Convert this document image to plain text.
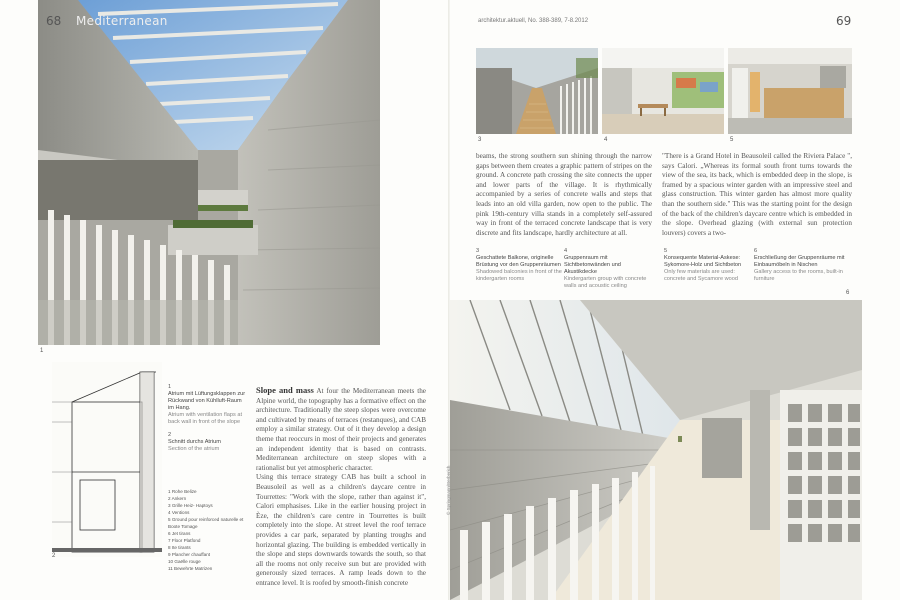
68 Mediterranean
1
2
1 Rohe Belize
2 Ankern
3 Grille Heiz- Haptoys
4 Ventions
5 Ground pour reinforced naturelle et Boote Tomage
6 Jet tirans
7 Floor Platfond
8 Ite tirants
9 Plancher chauffant
10 Gaëlle rouge
11 Bewehrte Matrizen
1
Atrium mit Lüftungsklappen zur Rückwand von Kühlluft-Raum im Hang.
Atrium with ventilation flaps at back wall in front of the slope
2
Schnitt durchs Atrium
Section of the atrium
Slope and mass At four the Mediterranean meets the Alpine world, the topography has a formative effect on the architecture. Traditionally the steep slopes were overcome and cultivated by means of terraces (restanques), and CAB employ a similar strategy. Out of it they develop a design theme that reoccurs in most of their projects and generates an independent identity that is based on contrasts. Mediterranean architecture on steep slopes with a rationalist but yet atmospheric character.
Using this terrace strategy CAB has built a school in Beausoleil as well as a children's daycare centre in Tourrettes: "Work with the slope, rather than against it", Calori emphasises. Like in the earlier housing project in Èze, the children's care centre in Tourrettes is built completely into the slope. At street level the roof terrace provides a car park, separated by planting troughs and horizontal glazing. The building is embedded vertically in the slope and steps downwards towards the south, so that all the rooms not only receive sun but are provided with generously sized terraces. A ramp leads down to the entrance level. It is roofed by smooth-finish concrete
architektur.aktuell, No. 388-389, 7-8.2012	69
3	4	5
beams, the strong southern sun shining through the narrow gaps between them creates a graphic pattern of stripes on the ground. A concrete path crossing the site connects the upper and lower parts of the village. It is rhythmically accompanied by a series of concrete walls and steps that leads into an old villa garden, now open to the public. The pink 19th-century villa stands in a completely self-assured way in front of the terraced concrete landscape that is very discrete and fits landscape, hardly architecture at all.
"There is a Grand Hotel in Beausoleil called the Riviera Palace ", says Calori. „Whereas its formal south front turns towards the view of the sea, its back, which is embedded deep in the slope, is framed by a spacious winter garden with an impressive steel and glass construction. This winter garden has almost more quality than the southern side." This was the starting point for the design of the back of the children's daycare centre which is embedded in the slope. Overhead glazing (with external sun protection louvers) covers a two-
3
Geschattete Balkone, originelle Brüstung vor den Gruppenräumen
Shadowed balconies in front of the kindergarten rooms
4
Gruppenraum mit Sichtbetonwänden und Akustikdecke
Kindergarten group with concrete walls and acoustic ceiling
5
Konsequente Material-Askese: Sykomore-Holz und Sichtbeton
Only few materials are used: concrete and Sycamore wood
6
Erschließung der Gruppenräume mit Einbaumöbeln in Nischen
Gallery access to the rooms, built-in furniture
6
© Springmann/Berberich
